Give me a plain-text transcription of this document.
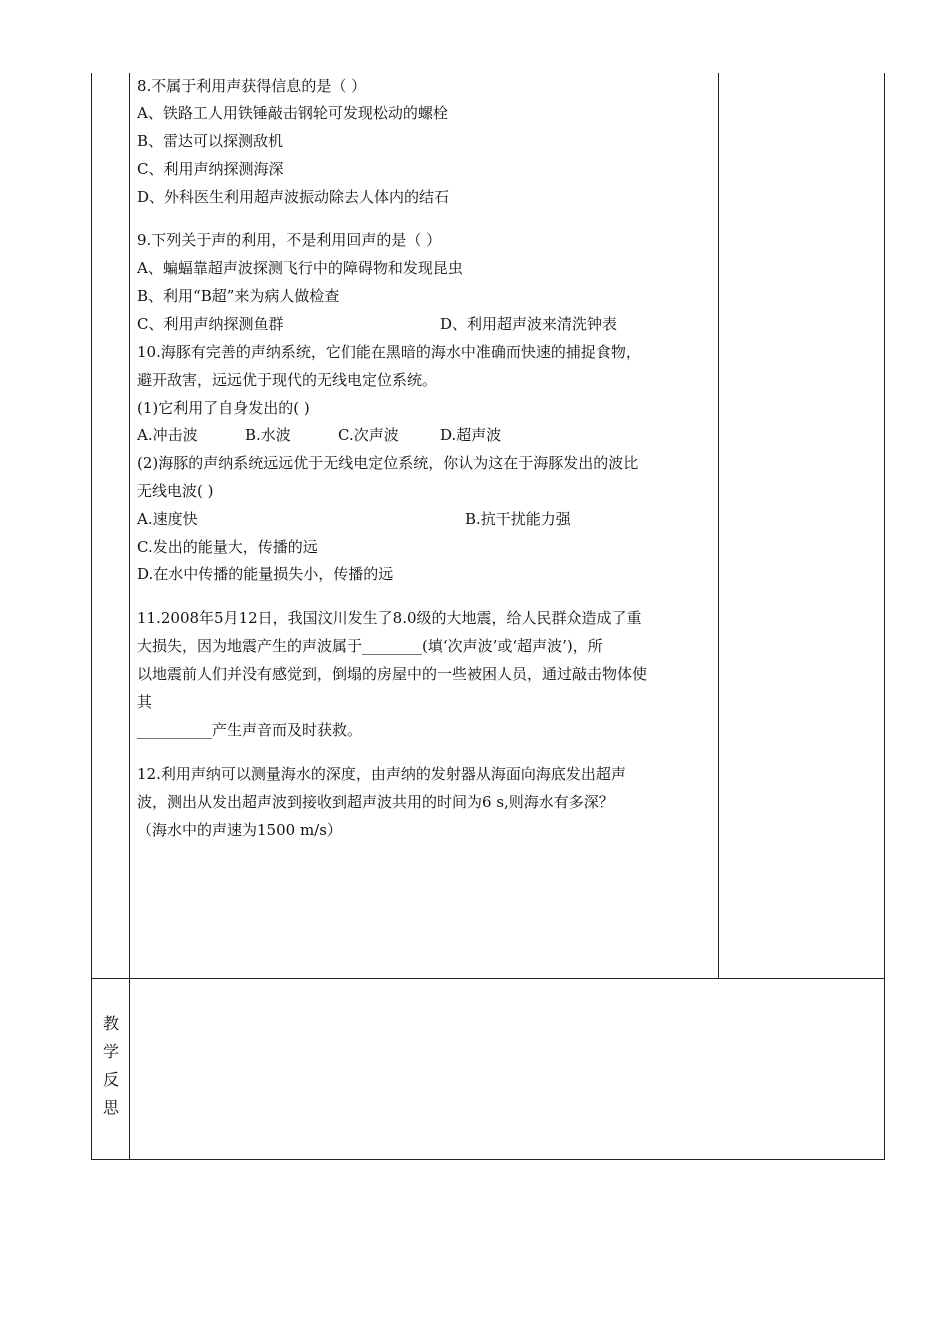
8.不属于利用声获得信息的是（ ）
A、铁路工人用铁锤敲击钢轮可发现松动的螺栓
B、雷达可以探测敌机
C、利用声纳探测海深
D、外科医生利用超声波振动除去人体内的结石
9.下列关于声的利用，不是利用回声的是（ ）
A、蝙蝠靠超声波探测飞行中的障碍物和发现昆虫
B、利用“B超”来为病人做检查
C、利用声纳探测鱼群	D、利用超声波来清洗钟表
10.海豚有完善的声纳系统，它们能在黑暗的海水中准确而快速的捕捉食物，
避开敌害，远远优于现代的无线电定位系统。
(1)它利用了自身发出的( )
A.冲击波	B.水波	C.次声波	D.超声波
(2)海豚的声纳系统远远优于无线电定位系统，你认为这在于海豚发出的波比
无线电波( )
A.速度快	B.抗干扰能力强
C.发出的能量大，传播的远
D.在水中传播的能量损失小，传播的远
11.2008年5月12日，我国汶川发生了8.0级的大地震，给人民群众造成了重
大损失，因为地震产生的声波属于________(填‘次声波’或‘超声波’)，所
以地震前人们并没有感觉到，倒塌的房屋中的一些被困人员，通过敲击物体使
其
__________产生声音而及时获救。
12.利用声纳可以测量海水的深度，由声纳的发射器从海面向海底发出超声
波，测出从发出超声波到接收到超声波共用的时间为6 s,则海水有多深？
（海水中的声速为1500 m/s）
教
学
反
思
